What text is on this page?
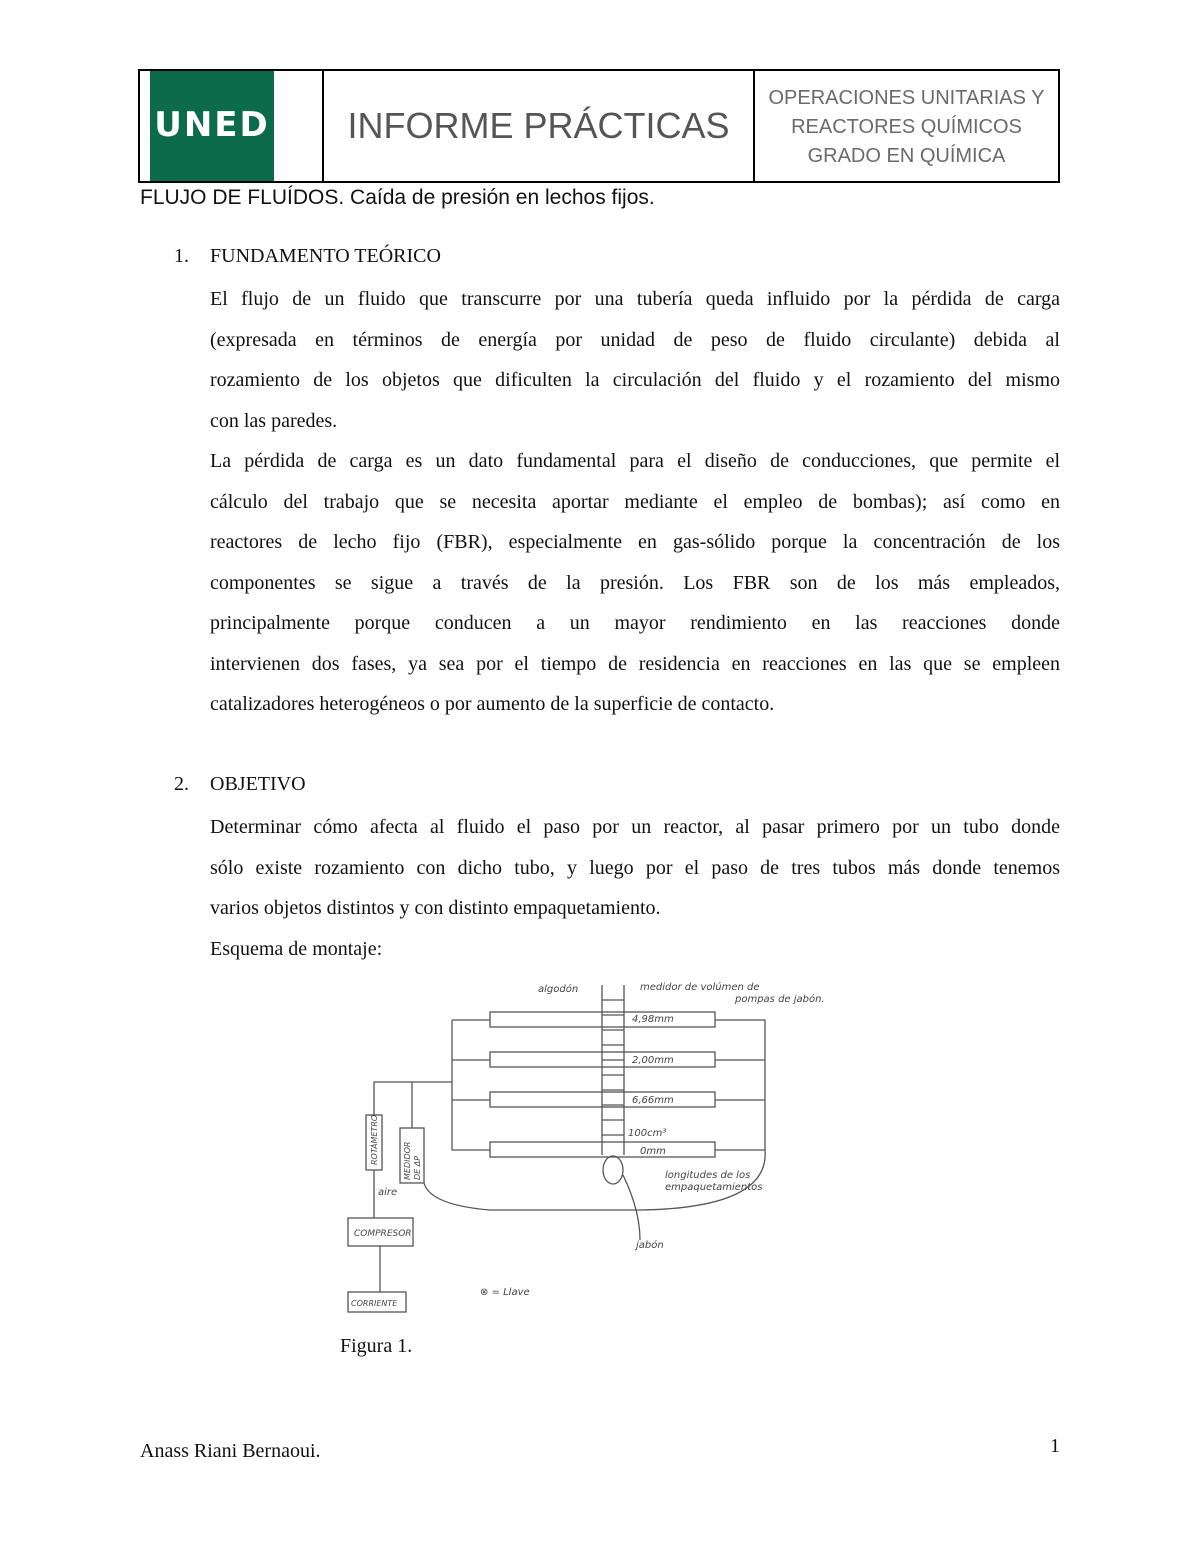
UNED INFORME PRÁCTICAS
OPERACIONES UNITARIAS Y
REACTORES QUÍMICOS
GRADO EN QUÍMICA
FLUJO DE FLUÍDOS. Caída de presión en lechos fijos.
1. FUNDAMENTO TEÓRICO

El flujo de un fluido que transcurre por una tubería queda influido por la pérdida de carga

(expresada en términos de energía por unidad de peso de fluido circulante) debida al

rozamiento de los objetos que dificulten la circulación del fluido y el rozamiento del mismo

con las paredes.

La pérdida de carga es un dato fundamental para el diseño de conducciones, que permite el

cálculo del trabajo que se necesita aportar mediante el empleo de bombas); así como en

reactores de lecho fijo (FBR), especialmente en gas-sólido porque la concentración de los

componentes se sigue a través de la presión. Los FBR son de los más empleados,

principalmente porque conducen a un mayor rendimiento en las reacciones donde

intervienen dos fases, ya sea por el tiempo de residencia en reacciones en las que se empleen

catalizadores heterogéneos o por aumento de la superficie de contacto.

2. OBJETIVO

Determinar cómo afecta al fluido el paso por un reactor, al pasar primero por un tubo donde

sólo existe rozamiento con dicho tubo, y luego por el paso de tres tubos más donde tenemos

varios objetos distintos y con distinto empaquetamiento.

Esquema de montaje:

algodón	medidor de volúmen de
pompas de jabón.
4,98mm
2,00mm
6,66mm
100cm³
0mm
longitudes de los
empaquetamientos
aire
COMPRESOR
CORRIENTE
jabón
⊗ = Llave
ROTÁMETRO	MEDIDOR DE ΔP
Figura 1.
Anass Riani Bernaoui.	1
